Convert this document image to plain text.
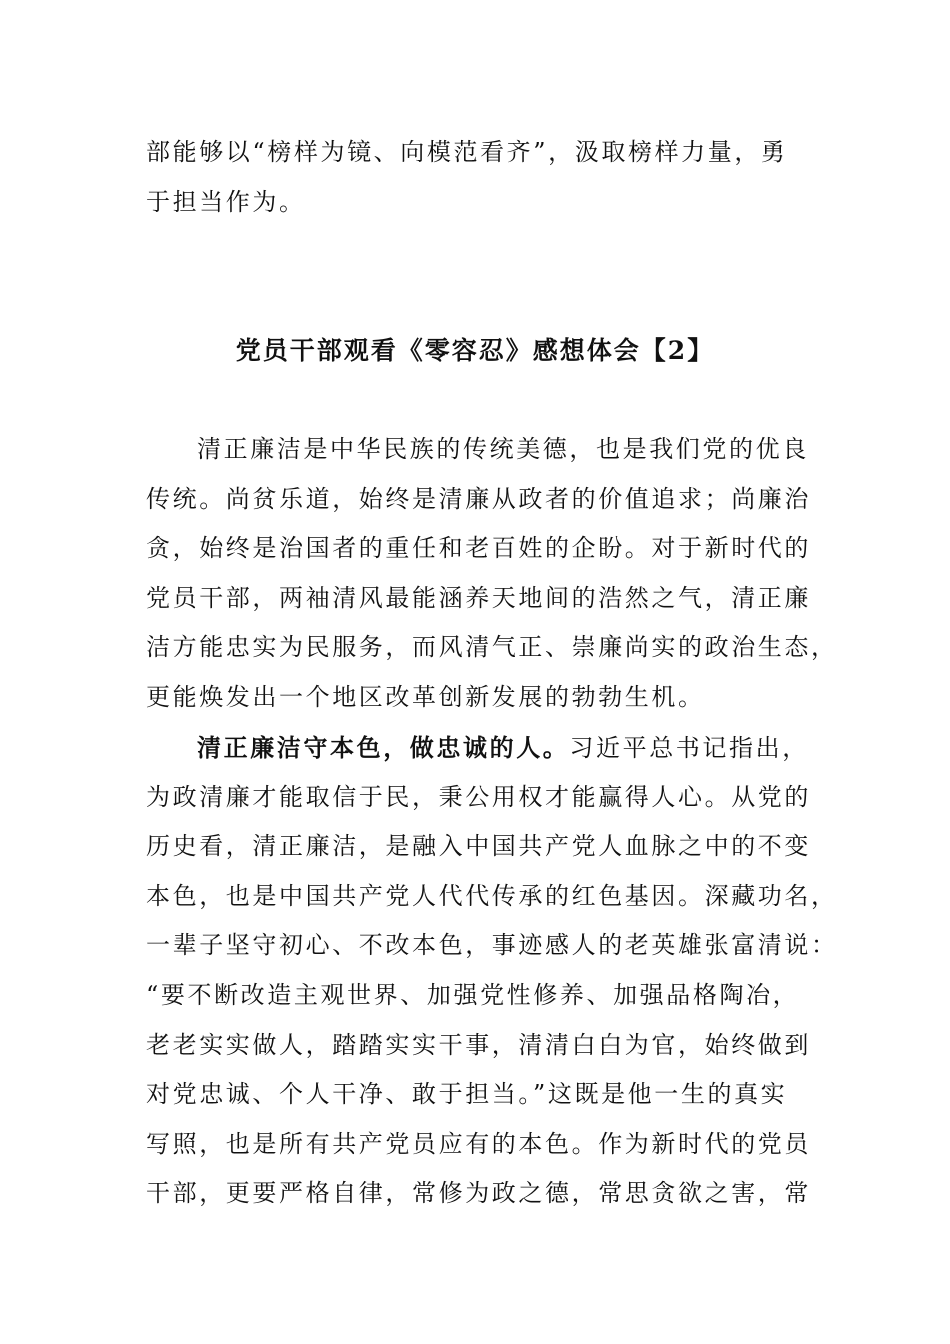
部能够以“榜样为镜、向模范看齐”，汲取榜样力量，勇
于担当作为。
党员干部观看《零容忍》感想体会【2】
清正廉洁是中华民族的传统美德，也是我们党的优良
传统。尚贫乐道，始终是清廉从政者的价值追求；尚廉治
贪，始终是治国者的重任和老百姓的企盼。对于新时代的
党员干部，两袖清风最能涵养天地间的浩然之气，清正廉
洁方能忠实为民服务，而风清气正、崇廉尚实的政治生态，
更能焕发出一个地区改革创新发展的勃勃生机。
清正廉洁守本色，做忠诚的人。习近平总书记指出，
为政清廉才能取信于民，秉公用权才能赢得人心。从党的
历史看，清正廉洁，是融入中国共产党人血脉之中的不变
本色，也是中国共产党人代代传承的红色基因。深藏功名，
一辈子坚守初心、不改本色，事迹感人的老英雄张富清说：
“要不断改造主观世界、加强党性修养、加强品格陶冶，
老老实实做人，踏踏实实干事，清清白白为官，始终做到
对党忠诚、个人干净、敢于担当。”这既是他一生的真实
写照，也是所有共产党员应有的本色。作为新时代的党员
干部，更要严格自律，常修为政之德，常思贪欲之害，常
